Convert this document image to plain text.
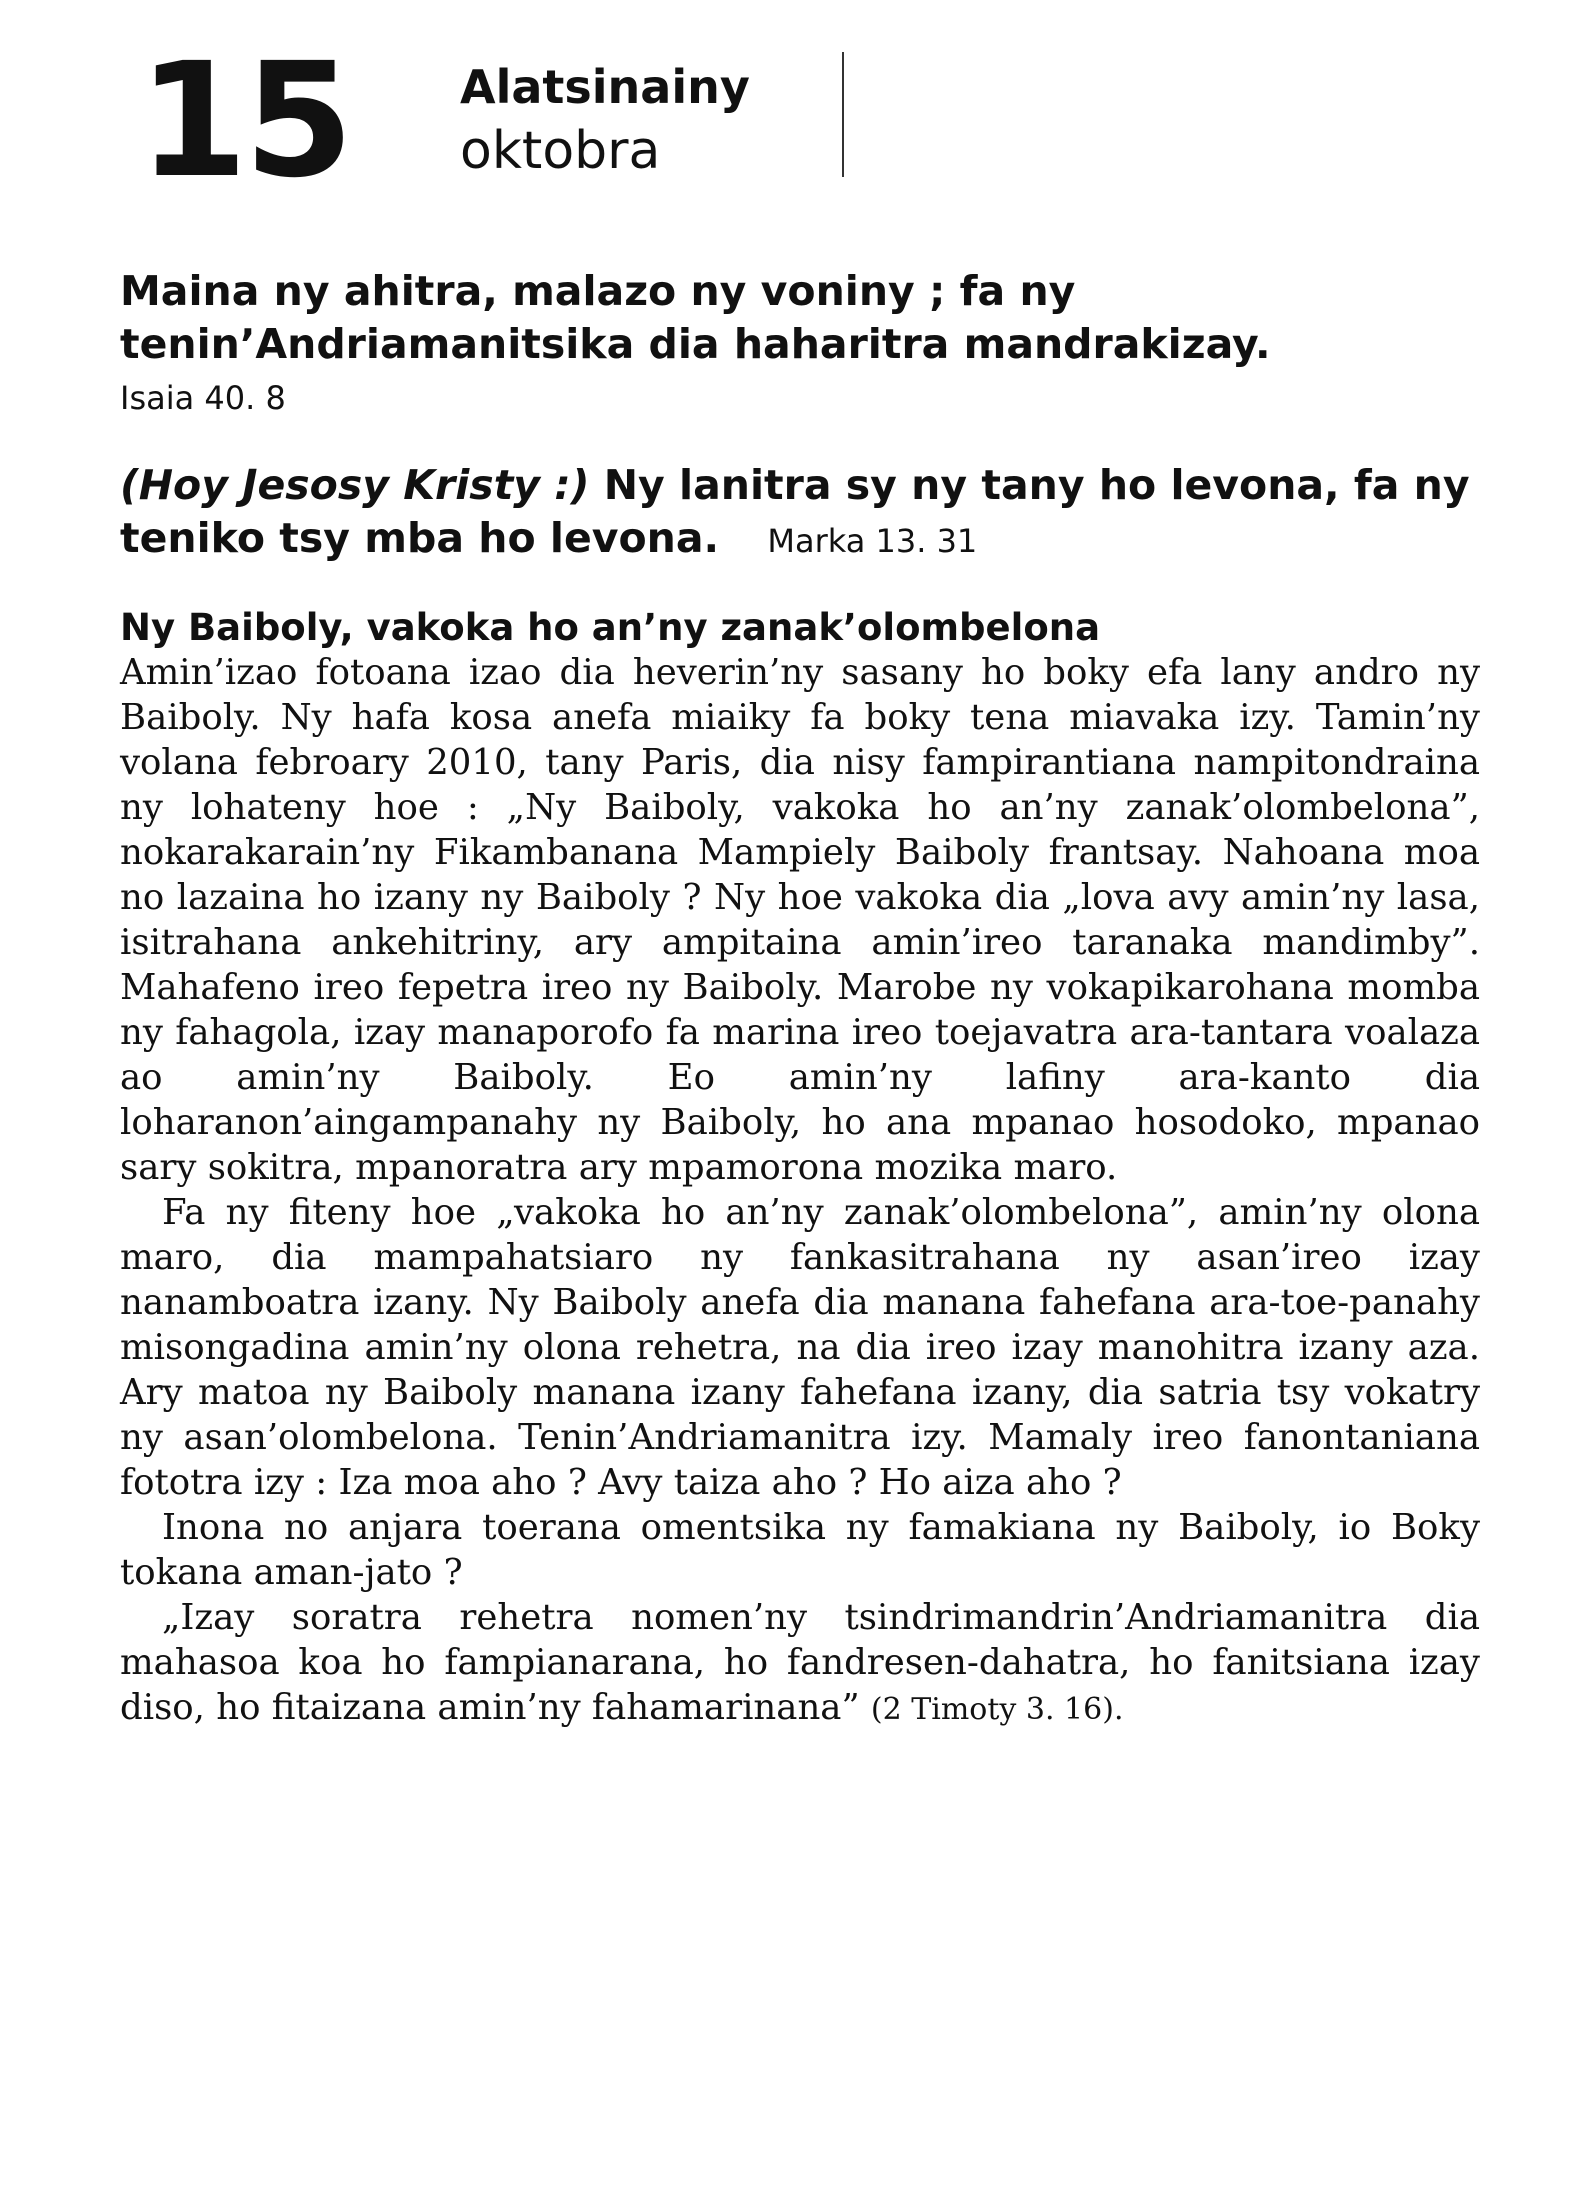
15 Alatsinainy
oktobra
Maina ny ahitra, malazo ny voniny ; fa ny tenin’Andriamanitsika dia haharitra mandrakizay.
Isaia 40. 8
(Hoy Jesosy Kristy :) Ny lanitra sy ny tany ho levona, fa ny teniko tsy mba ho levona. Marka 13. 31
Ny Baiboly, vakoka ho an’ny zanak’olombelona

Amin’izao fotoana izao dia heverin’ny sasany ho boky efa lany andro ny Baiboly. Ny hafa kosa anefa miaiky fa boky tena miavaka izy. Tamin’ny volana febroary 2010, tany Paris, dia nisy fampirantiana nampitondraina ny lohateny hoe : „Ny Baiboly, vakoka ho an’ny zanak’olombelona”, nokarakarain’ny Fikambanana Mampiely Baiboly frantsay. Nahoana moa no lazaina ho izany ny Baiboly ? Ny hoe vakoka dia „lova avy amin’ny lasa, isitrahana ankehitriny, ary ampitaina amin’ireo taranaka mandimby”. Mahafeno ireo fepetra ireo ny Baiboly. Marobe ny vokapikarohana momba ny fahagola, izay manaporofo fa marina ireo toejavatra ara-tantara voalaza ao amin’ny Baiboly. Eo amin’ny lafiny ara-kanto dia loharanon’aingampanahy ny Baiboly, ho ana mpanao hosodoko, mpanao sary sokitra, mpanoratra ary mpamorona mozika maro.

Fa ny fiteny hoe „vakoka ho an’ny zanak’olombelona”, amin’ny olona maro, dia mampahatsiaro ny fankasitrahana ny asan’ireo izay nanamboatra izany. Ny Baiboly anefa dia manana fahefana ara-toe-panahy misongadina amin’ny olona rehetra, na dia ireo izay manohitra izany aza. Ary matoa ny Baiboly manana izany fahefana izany, dia satria tsy vokatry ny asan’olombelona. Tenin’Andriamanitra izy. Mamaly ireo fanontaniana fototra izy : Iza moa aho ? Avy taiza aho ? Ho aiza aho ?

Inona no anjara toerana omentsika ny famakiana ny Baiboly, io Boky tokana aman-jato ?

„Izay soratra rehetra nomen’ny tsindrimandrin’Andriamanitra dia mahasoa koa ho fampianarana, ho fandresen-dahatra, ho fanitsiana izay diso, ho fitaizana amin’ny fahamarinana” (2 Timoty 3. 16).
